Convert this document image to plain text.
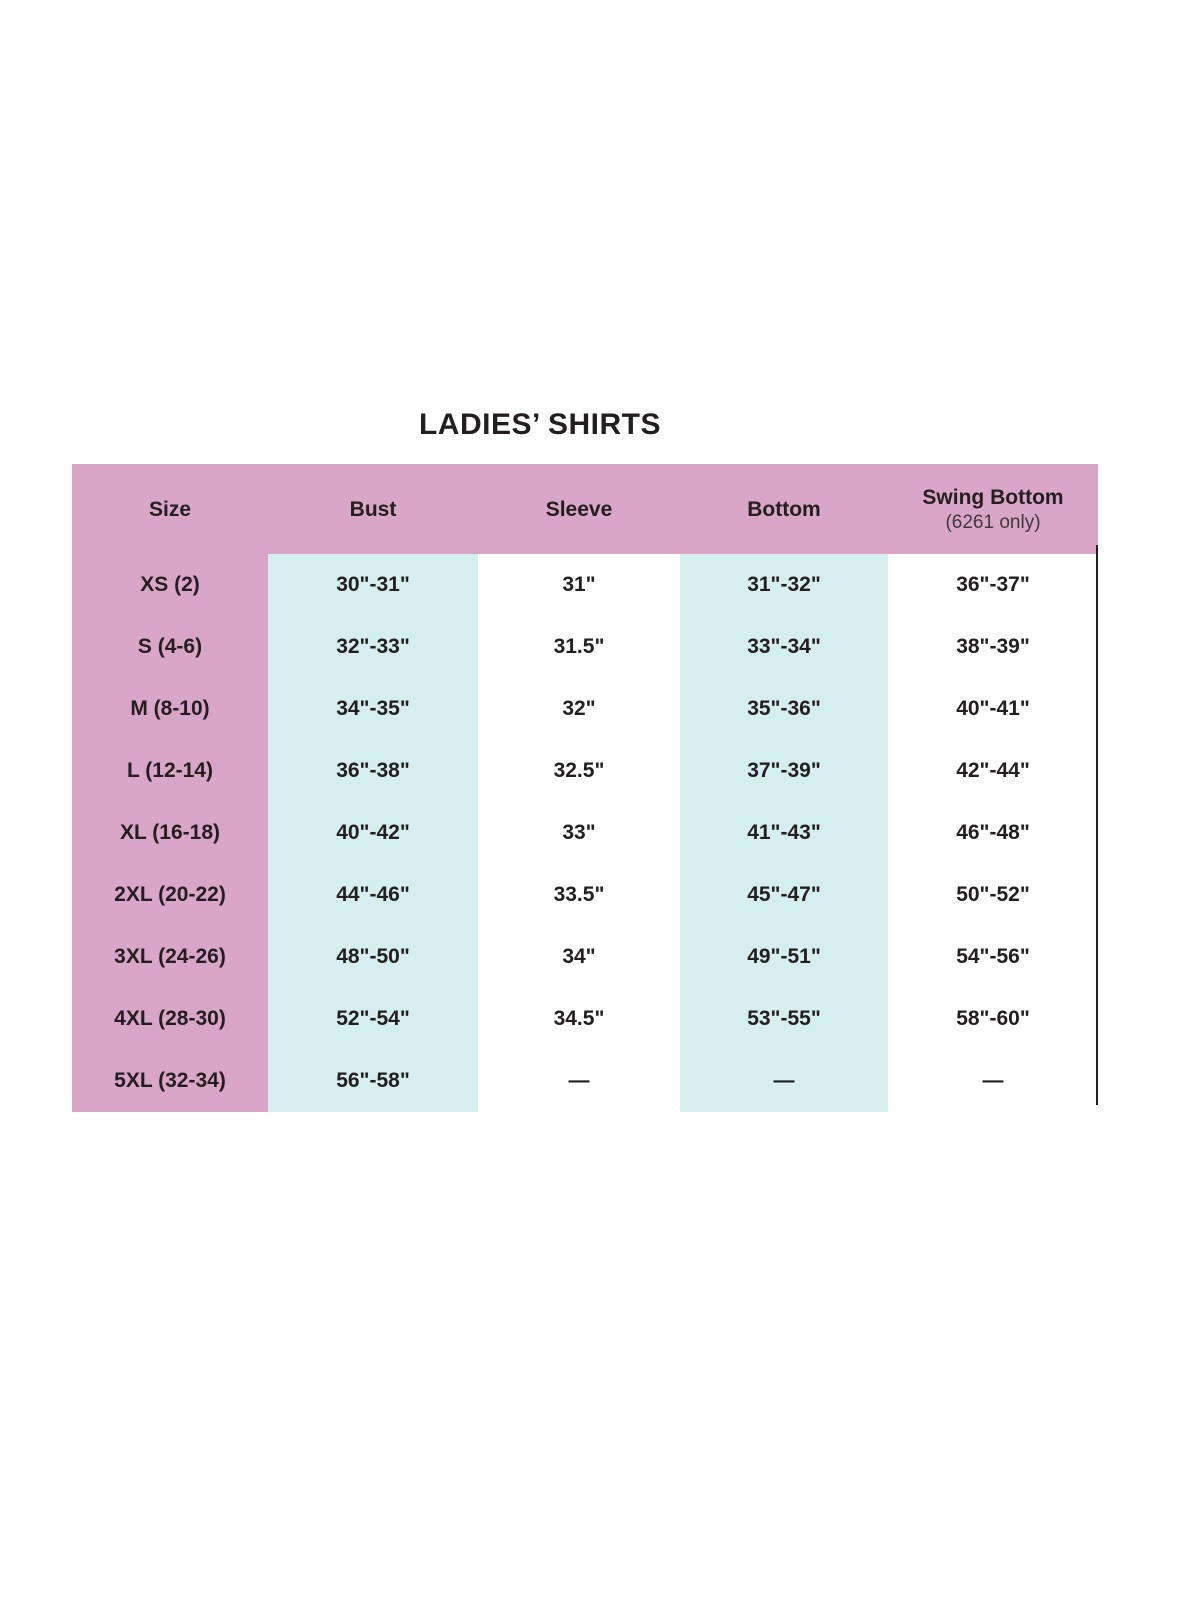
LADIES’ SHIRTS
Size	Bust	Sleeve	Bottom	Swing Bottom
(6261 only)

XS (2)	30"-31"	31"	31"-32"	36"-37"
S (4-6)	32"-33"	31.5"	33"-34"	38"-39"
M (8-10)	34"-35"	32"	35"-36"	40"-41"
L (12-14)	36"-38"	32.5"	37"-39"	42"-44"
XL (16-18)	40"-42"	33"	41"-43"	46"-48"
2XL (20-22)	44"-46"	33.5"	45"-47"	50"-52"
3XL (24-26)	48"-50"	34"	49"-51"	54"-56"
4XL (28-30)	52"-54"	34.5"	53"-55"	58"-60"
5XL (32-34)	56"-58"	—	—	—
